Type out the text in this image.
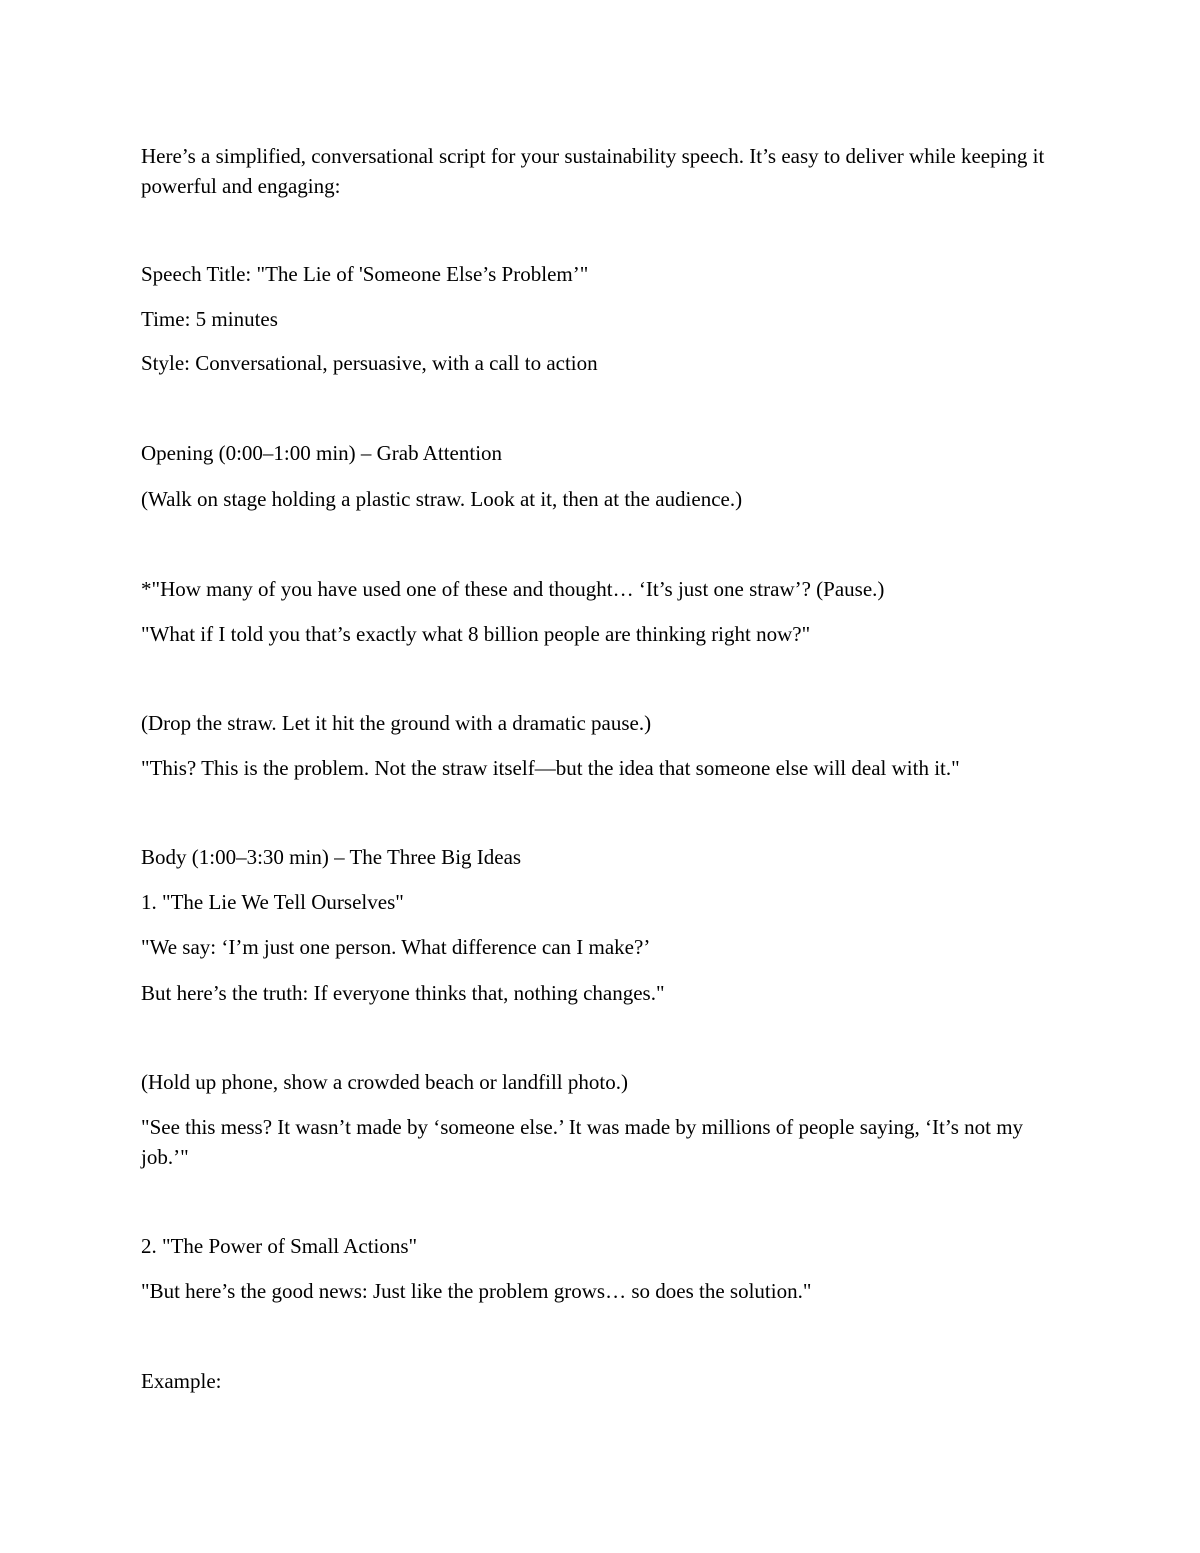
Here’s a simplified, conversational script for your sustainability speech. It’s easy to deliver while keeping it powerful and engaging:

Speech Title: "The Lie of 'Someone Else’s Problem’"

Time: 5 minutes

Style: Conversational, persuasive, with a call to action

Opening (0:00–1:00 min) – Grab Attention

(Walk on stage holding a plastic straw. Look at it, then at the audience.)

*"How many of you have used one of these and thought… ‘It’s just one straw’? (Pause.)

"What if I told you that’s exactly what 8 billion people are thinking right now?"

(Drop the straw. Let it hit the ground with a dramatic pause.)

"This? This is the problem. Not the straw itself—but the idea that someone else will deal with it."

Body (1:00–3:30 min) – The Three Big Ideas

1. "The Lie We Tell Ourselves"

"We say: ‘I’m just one person. What difference can I make?’

But here’s the truth: If everyone thinks that, nothing changes."

(Hold up phone, show a crowded beach or landfill photo.)

"See this mess? It wasn’t made by ‘someone else.’ It was made by millions of people saying, ‘It’s not my job.’"

2. "The Power of Small Actions"

"But here’s the good news: Just like the problem grows… so does the solution."

Example:
